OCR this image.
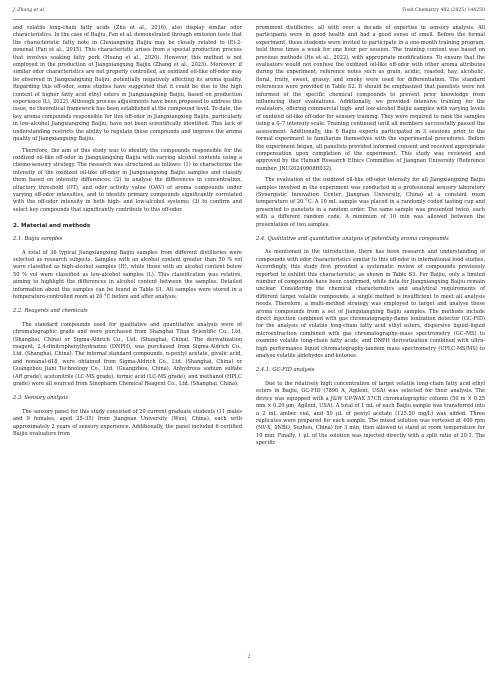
J. Zhang et al.	Food Chemistry 482 (2025) 144250

and volatile long-chain fatty acids (Zhu et al., 2016), also display similar odor characteristics. In the case of Baijiu, Fan et al. demonstrated through omission tests that the characteristic fatty note in Chixiangxing Baijiu may be closely related to (E)-2-nonenal (Fan et al., 2015). This characteristic arises from a special production process that involves soaking fatty pork (Huang et al., 2020). However, this method is not employed in the production of Jiangxiangxing Baijiu (Zhang et al., 2023). Moreover, if similar odor characteristics are not properly controlled, an oxidized oil-like off-odor may be observed in Jiangxiangxing Baijiu, potentially negatively affecting its aroma quality. Regarding this off-odor, some studies have suggested that it could be due to the high content of higher fatty acid ethyl esters in Jiangxiangxing Baijiu, based on production experience (Li, 2022). Although process adjustments have been proposed to address this issue, no theoretical framework has been established at the compound level. To date, the key aroma compounds responsible for this off-odor in Jiangxiangxing Baijiu, particularly in low-alcohol Jiangxiangxing Baijiu, have not been scientifically identified. This lack of understanding restricts the ability to regulate these compounds and improve the aroma quality of Jiangxiangxing Baijiu.

Therefore, the aim of this study was to identify the compounds responsible for the oxidized oil-like off-odor in Jiangxiangxing Baijiu with varying alcohol contents using a chemo-sensory strategy. The research was structured as follows: (1) to characterize the intensity of the oxidized oil-like off-odor in Jiangxiangxing Baijiu samples and classify them based on intensity differences; (2) to analyse the differences in concentration, olfactory threshold (OT), and odor activity value (OAV) of aroma compounds under varying off-odor intensities, and to identify primary compounds significantly correlated with the off-odor intensity in both high- and low-alcohol systems; (3) to confirm and select key compounds that significantly contribute to this off-odor.

2. Material and methods
2.1. Baijiu samples

A total of 36 typical Jiangxiangxing Baijiu samples from different distilleries were selected as research subjects. Samples with an alcohol content greater than 50 % vol were classified as high-alcohol samples (H), while those with an alcohol content below 50 % vol were classified as low-alcohol samples (L). This classification was relative, aiming to highlight the differences in alcohol content between the samples. Detailed information about the samples can be found in Table S1. All samples were stored in a temperature-controlled room at 20 °C before and after analysis.

2.2. Reagents and chemicals

The standard compounds used for qualitative and quantitative analysis were of chromatographic grade and were purchased from Shanghai Titan Scientific Co., Ltd. (Shanghai, China) or Sigma-Aldrich Co., Ltd. (Shanghai, China). The derivatization reagent, 2,4-dinitrophenylhydrazine (DNPH), was purchased from Sigma-Aldrich Co., Ltd. (Shanghai, China). The internal standard compounds, n-pentyl acetate, pivalic acid, and nonanal-d18, were obtained from Sigma-Aldrich Co., Ltd. (Shanghai, China) or Guangzhou Jiani Technology Co., Ltd. (Guangzhou, China). Anhydrous sodium sulfate (AR grade), acetonitrile (LC-MS grade), formic acid (LC-MS grade), and methanol (HPLC grade) were all sourced from Sinopharm Chemical Reagent Co., Ltd. (Shanghai, China).

2.3. Sensory analysis

The sensory panel for this study consisted of 20 current graduate students (11 males and 9 females, aged 25–35) from Jiangnan University (Wuxi, China), each with approximately 2 years of sensory experience. Additionally, the panel included 6 certified Baijiu evaluators from

prominent distilleries, all with over a decade of expertise in sensory analysis. All participants were in good health and had a good sense of smell. Before the formal experiment, these students were invited to participate in a one-month training program, held three times a week for one hour per session. The training content was based on previous methods (He et al., 2022), with appropriate modifications. To ensure that the evaluators would not confuse the oxidized oil-like off-odor with other aroma attributes during the experiment, reference notes such as grain, acidic, roasted, hay, alcoholic, floral, fruity, sweet, grassy, and smoky were used for differentiation. The standard references were provided in Table S2. It should be emphasized that panelists were not informed of the specific chemical compounds to prevent prior knowledge from influencing their evaluations. Additionally, we provided intensive training for the evaluators, offering commercial high- and low-alcohol Baijiu samples with varying levels of oxidized oil-like off-odor for sensory training. They were required to rank the samples using a 0–7 intensity scale. Training continued until all members successfully passed the assessment. Additionally, the 6 Baijiu experts participated in 3 sessions prior to the formal experiment to familiarize themselves with the experimental procedures. Before the experiment began, all panelists provided informed consent and received appropriate compensation upon completion of the experiment. This study was reviewed and approved by the Human Research Ethics Committee of Jiangnan University (Reference number: JNU20240908R032).

The evaluation of the oxidized oil-like off-odor intensity for all Jiangxiangxing Baijiu samples involved in the experiment was conducted in a professional sensory laboratory (Synergistic Innovation Center, Jiangnan University, China) at a constant room temperature of 20 °C. A 10 mL sample was placed in a randomly coded tasting cup and presented to panelists in a random order. The same sample was presented twice, each with a different random code. A minimum of 10 min was allowed between the presentation of two samples.

2.4. Qualitative and quantitative analysis of potentially aroma compounds

As mentioned in the introduction, there has been research and understanding of compounds with odor characteristics similar to this off-odor in international food studies. Accordingly, this study first provided a systematic review of compounds previously reported to exhibit this characteristic, as shown in Table S3. For Baijiu, only a limited number of compounds have been confirmed, while data for Jiangxiangxing Baijiu remain unclear. Considering the chemical characteristics and analytical requirements of different target volatile compounds, a single method is insufficient to meet all analysis needs. Therefore, a multi-method strategy was employed to target and analyse these aroma compounds from a set of Jiangxiangxing Baijiu samples. The methods include direct injection combined with gas chromatography-flame ionization detector (GC-FID) for the analysis of volatile long-chain fatty acid ethyl esters, dispersive liquid–liquid microextraction combined with gas chromatography–mass spectrometry (GC–MS) to examine volatile long-chain fatty acids, and DNPH derivatization combined with ultra-high performance liquid chromatography-tandem mass spectrometry (UPLC-MS/MS) to analyse volatile aldehydes and ketones.

2.4.1. GC-FID analysis

Due to the relatively high concentration of target volatile long-chain fatty acid ethyl esters in Baijiu, GC-FID (7890 A, Agilent, USA) was selected for their analysis. The device was equipped with a J&W CP-WAX 57CB chromatographic column (50 m × 0.25 mm × 0.20 μm, Agilent, USA). A total of 1 mL of each Baijiu sample was transferred into a 2 mL amber vial, and 50 μL of pentyl acetate (125.50 mg/L) was added. Three replicates were prepared for each sample. The mixed solution was vortexed at 400 rpm (NV-X, 9NBO, Suzhou, China) for 3 min, then allowed to stand at room temperature for 10 min. Finally, 1 μL of the solution was injected directly with a split ratio of 20:1. The specific

2
